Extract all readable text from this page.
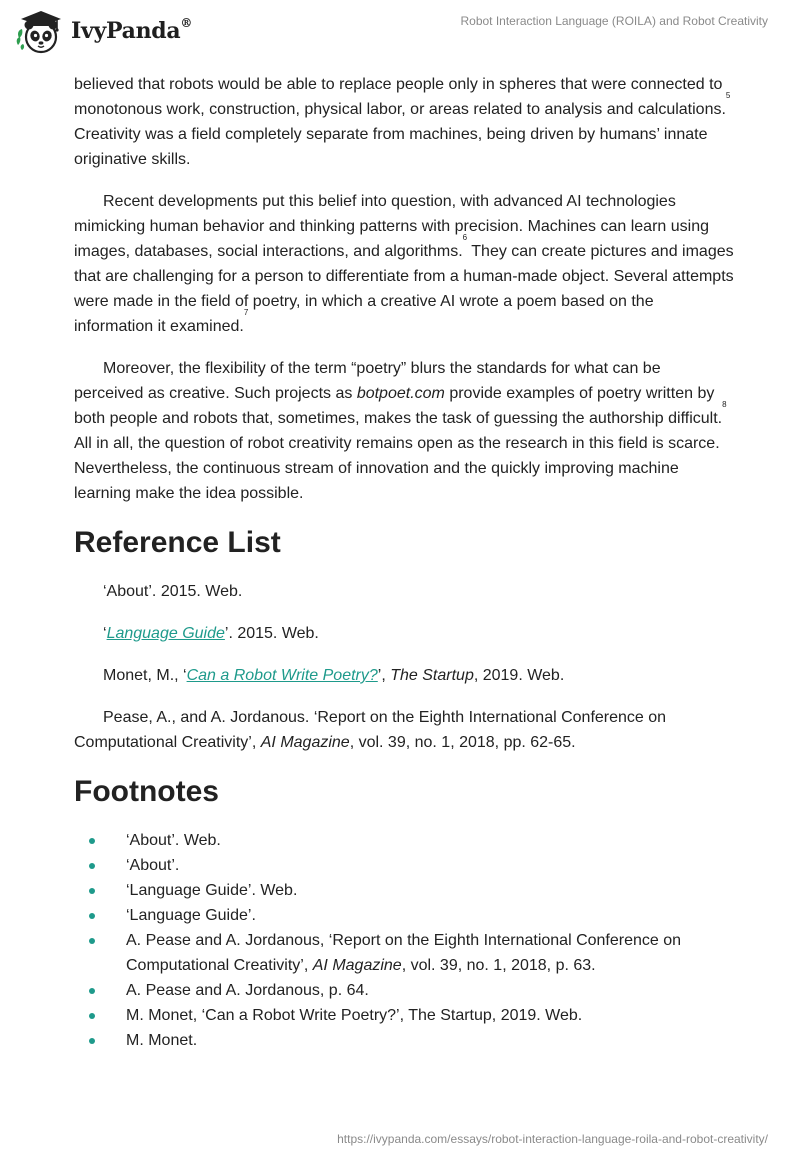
IvyPanda®	Robot Interaction Language (ROILA) and Robot Creativity

believed that robots would be able to replace people only in spheres that were connected to monotonous work, construction, physical labor, or areas related to analysis and calculations.$^5$ Creativity was a field completely separate from machines, being driven by humans’ innate originative skills.

Recent developments put this belief into question, with advanced AI technologies mimicking human behavior and thinking patterns with precision. Machines can learn using images, databases, social interactions, and algorithms.$^6$ They can create pictures and images that are challenging for a person to differentiate from a human-made object. Several attempts were made in the field of poetry, in which a creative AI wrote a poem based on the information it examined.$^7$

Moreover, the flexibility of the term “poetry” blurs the standards for what can be perceived as creative. Such projects as botpoet.com provide examples of poetry written by both people and robots that, sometimes, makes the task of guessing the authorship difficult.$^8$ All in all, the question of robot creativity remains open as the research in this field is scarce. Nevertheless, the continuous stream of innovation and the quickly improving machine learning make the idea possible.

Reference List

‘About’. 2015. Web.

‘Language Guide’. 2015. Web.

Monet, M., ‘Can a Robot Write Poetry?’, The Startup, 2019. Web.

Pease, A., and A. Jordanous. ‘Report on the Eighth International Conference on Computational Creativity’, AI Magazine, vol. 39, no. 1, 2018, pp. 62-65.

Footnotes
‘About’. Web.
‘About’.
‘Language Guide’. Web.
‘Language Guide’.
A. Pease and A. Jordanous, ‘Report on the Eighth International Conference on Computational Creativity’, AI Magazine, vol. 39, no. 1, 2018, p. 63.
A. Pease and A. Jordanous, p. 64.
M. Monet, ‘Can a Robot Write Poetry?’, The Startup, 2019. Web.
M. Monet.
https://ivypanda.com/essays/robot-interaction-language-roila-and-robot-creativity/
